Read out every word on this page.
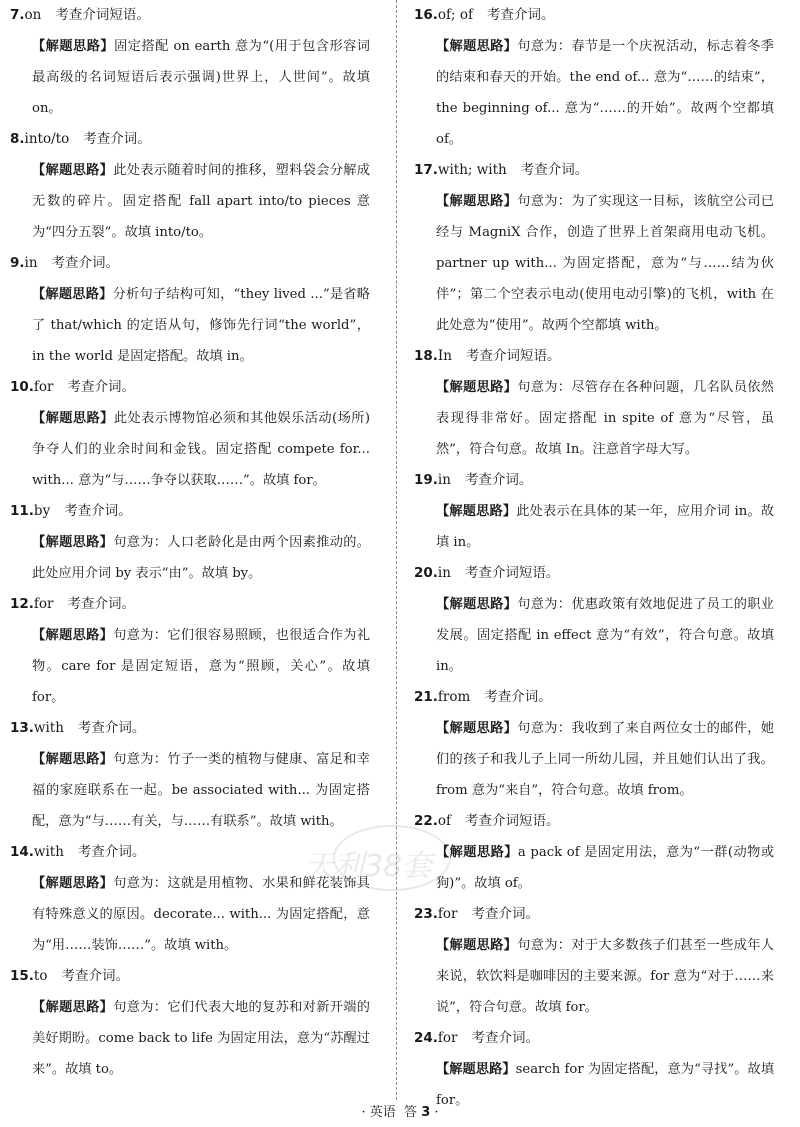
7.on 考查介词短语。
【解题思路】固定搭配 on earth 意为“(用于包含形容词最高级的名词短语后表示强调)世界上，人世间”。故填 on。
8.into/to 考查介词。
【解题思路】此处表示随着时间的推移，塑料袋会分解成无数的碎片。固定搭配 fall apart into/to pieces 意为“四分五裂”。故填 into/to。
9.in 考查介词。
【解题思路】分析句子结构可知，“they lived ...”是省略了 that/which 的定语从句，修饰先行词“the world”，in the world 是固定搭配。故填 in。
10.for 考查介词。
【解题思路】此处表示博物馆必须和其他娱乐活动(场所)争夺人们的业余时间和金钱。固定搭配 compete for... with... 意为“与……争夺以获取……”。故填 for。
11.by 考查介词。
【解题思路】句意为：人口老龄化是由两个因素推动的。此处应用介词 by 表示“由”。故填 by。
12.for 考查介词。
【解题思路】句意为：它们很容易照顾，也很适合作为礼物。care for 是固定短语，意为“照顾，关心”。故填 for。
13.with 考查介词。
【解题思路】句意为：竹子一类的植物与健康、富足和幸福的家庭联系在一起。be associated with... 为固定搭配，意为“与……有关，与……有联系”。故填 with。
14.with 考查介词。
【解题思路】句意为：这就是用植物、水果和鲜花装饰具有特殊意义的原因。decorate... with... 为固定搭配，意为“用……装饰……”。故填 with。
15.to 考查介词。
【解题思路】句意为：它们代表大地的复苏和对新开端的美好期盼。come back to life 为固定用法，意为“苏醒过来”。故填 to。
16.of; of 考查介词。
【解题思路】句意为：春节是一个庆祝活动，标志着冬季的结束和春天的开始。the end of... 意为“……的结束”，the beginning of... 意为“……的开始”。故两个空都填 of。
17.with; with 考查介词。
【解题思路】句意为：为了实现这一目标，该航空公司已经与 MagniX 合作，创造了世界上首架商用电动飞机。partner up with... 为固定搭配，意为“与……结为伙伴”；第二个空表示电动(使用电动引擎)的飞机，with 在此处意为“使用”。故两个空都填 with。
18.In 考查介词短语。
【解题思路】句意为：尽管存在各种问题，几名队员依然表现得非常好。固定搭配 in spite of 意为“尽管，虽然”，符合句意。故填 In。注意首字母大写。
19.in 考查介词。
【解题思路】此处表示在具体的某一年，应用介词 in。故填 in。
20.in 考查介词短语。
【解题思路】句意为：优惠政策有效地促进了员工的职业发展。固定搭配 in effect 意为“有效”，符合句意。故填 in。
21.from 考查介词。
【解题思路】句意为：我收到了来自两位女士的邮件，她们的孩子和我儿子上同一所幼儿园，并且她们认出了我。from 意为“来自”，符合句意。故填 from。
22.of 考查介词短语。
【解题思路】a pack of 是固定用法，意为“一群(动物或狗)”。故填 of。
23.for 考查介词。
【解题思路】句意为：对于大多数孩子们甚至一些成年人来说，软饮料是咖啡因的主要来源。for 意为“对于……来说”，符合句意。故填 for。
24.for 考查介词。
【解题思路】search for 为固定搭配，意为“寻找”。故填 for。
天利38套
· 英语 答 3 ·
